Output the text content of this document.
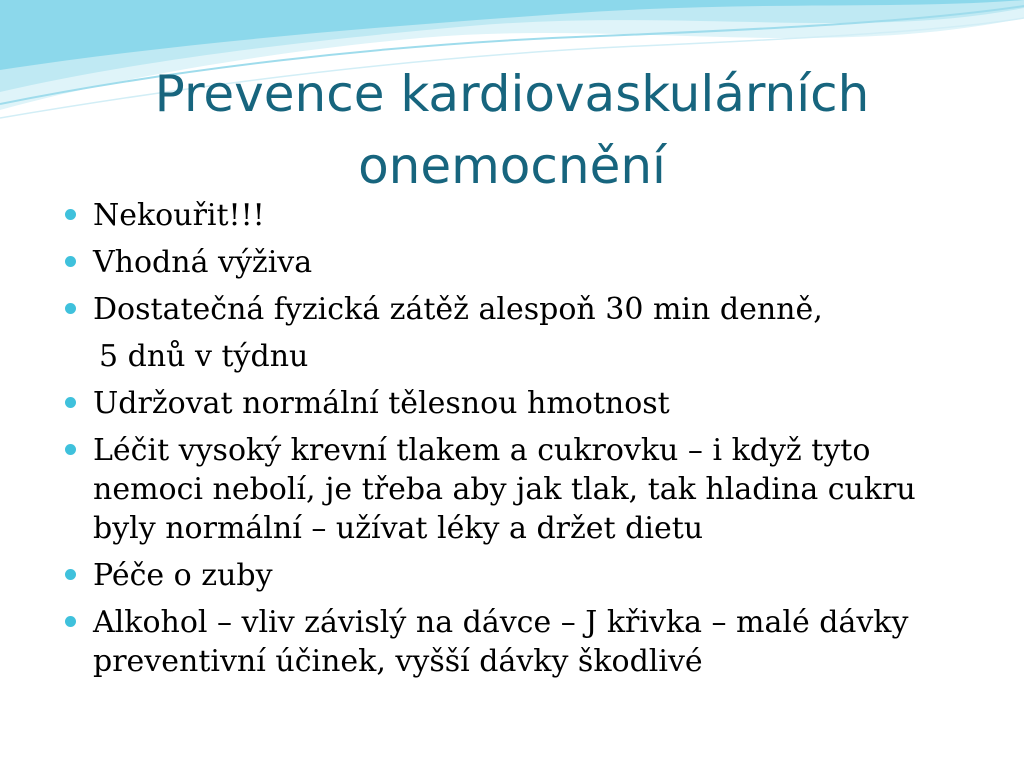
Prevence kardiovaskulárních
onemocnění
Nekouřit!!!
Vhodná výživa
Dostatečná fyzická zátěž alespoň 30 min denně,
5 dnů v týdnu
Udržovat normální tělesnou hmotnost
Léčit vysoký krevní tlakem a cukrovku – i když tyto nemoci nebolí, je třeba aby jak tlak, tak hladina cukru byly normální – užívat léky a držet dietu
Péče o zuby
Alkohol – vliv závislý na dávce – J křivka – malé dávky preventivní účinek, vyšší dávky škodlivé
